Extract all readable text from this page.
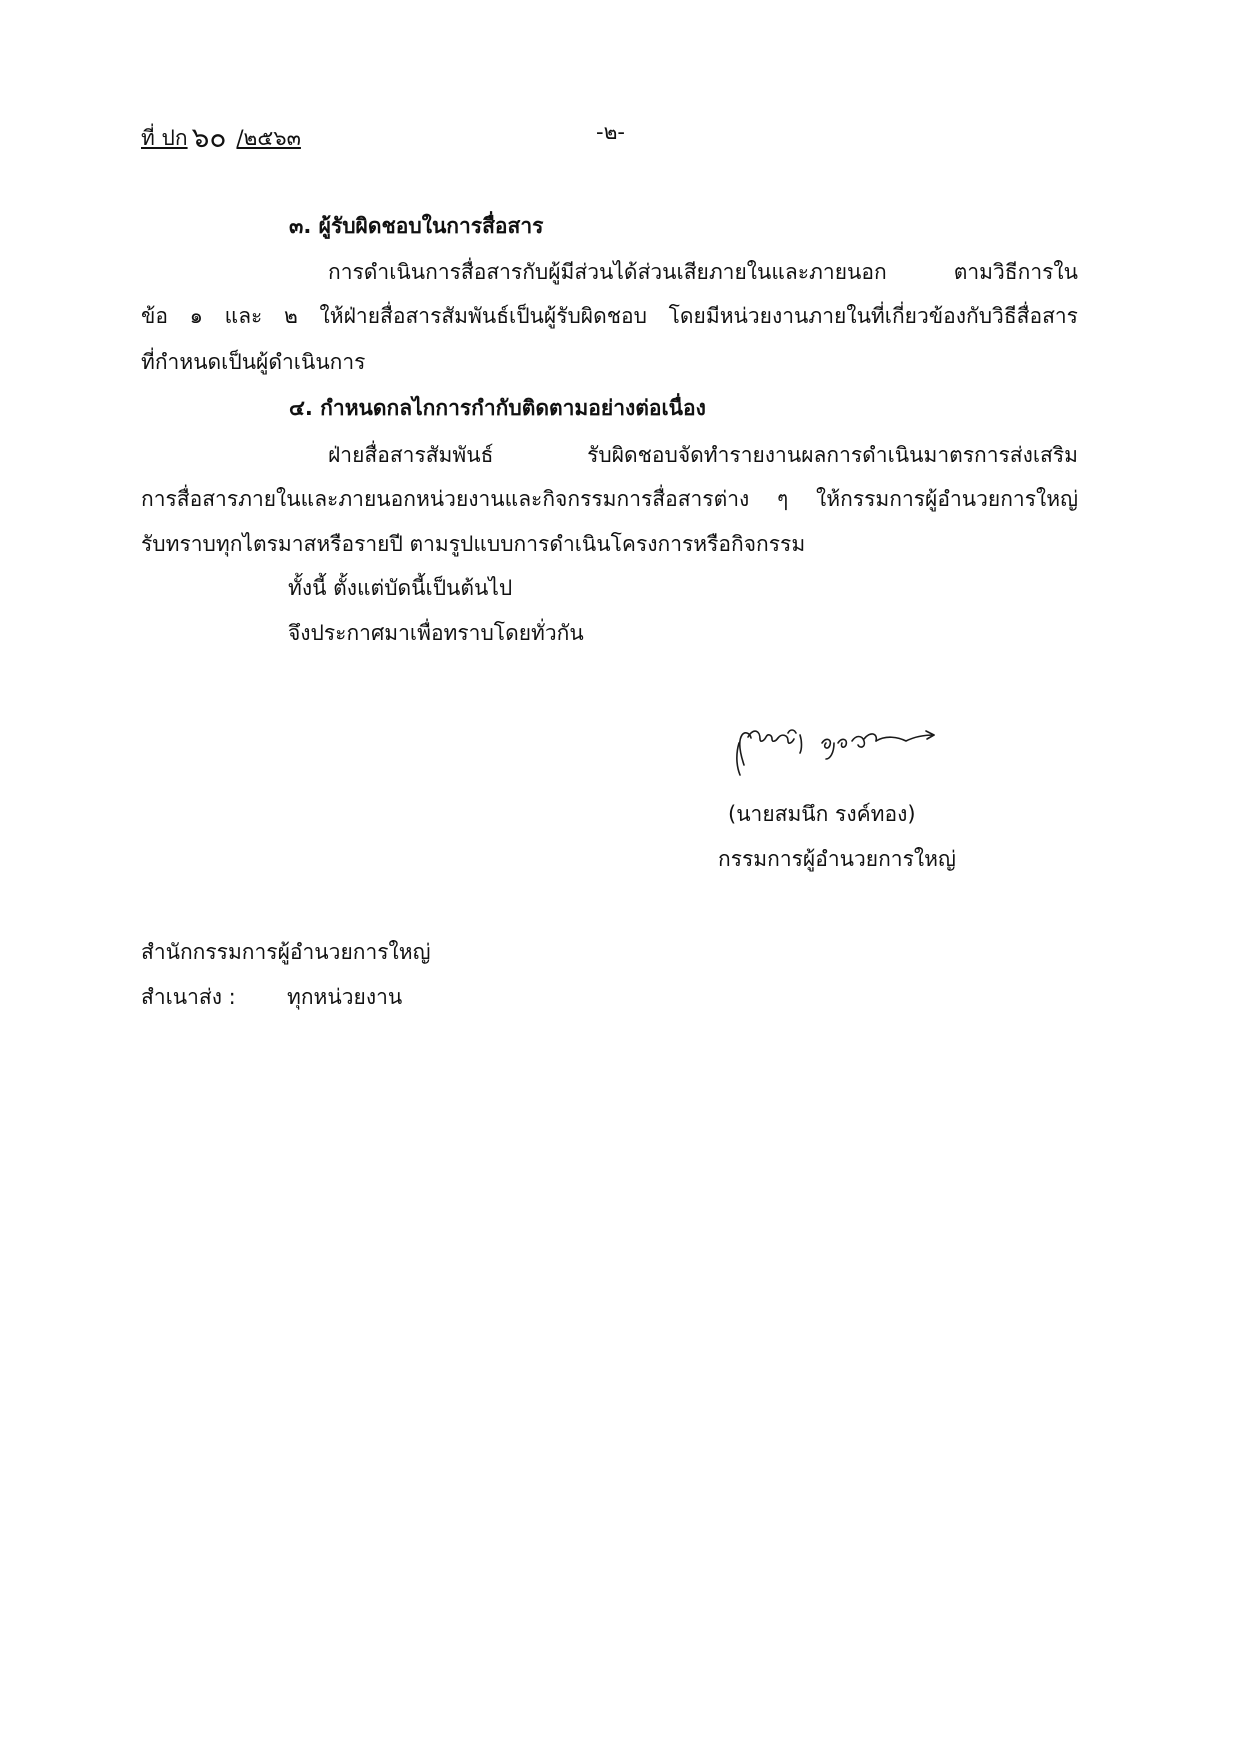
ที่ ปก ๖๐ /๒๕๖๓	-๒-
๓. ผู้รับผิดชอบในการสื่อสาร
การดำเนินการสื่อสารกับผู้มีส่วนได้ส่วนเสียภายในและภายนอก	ตามวิธีการใน
ข้อ ๑ และ ๒ ให้ฝ่ายสื่อสารสัมพันธ์เป็นผู้รับผิดชอบ โดยมีหน่วยงานภายในที่เกี่ยวข้องกับวิธีสื่อสาร
ที่กำหนดเป็นผู้ดำเนินการ
๔. กำหนดกลไกการกำกับติดตามอย่างต่อเนื่อง
ฝ่ายสื่อสารสัมพันธ์	รับผิดชอบจัดทำรายงานผลการดำเนินมาตรการส่งเสริม
การสื่อสารภายในและภายนอกหน่วยงานและกิจกรรมการสื่อสารต่าง ๆ ให้กรรมการผู้อำนวยการใหญ่
รับทราบทุกไตรมาสหรือรายปี ตามรูปแบบการดำเนินโครงการหรือกิจกรรม
ทั้งนี้ ตั้งแต่บัดนี้เป็นต้นไป
จึงประกาศมาเพื่อทราบโดยทั่วกัน
(นายสมนึก รงค์ทอง)
กรรมการผู้อำนวยการใหญ่
สำนักกรรมการผู้อำนวยการใหญ่
สำเนาส่ง : ทุกหน่วยงาน
